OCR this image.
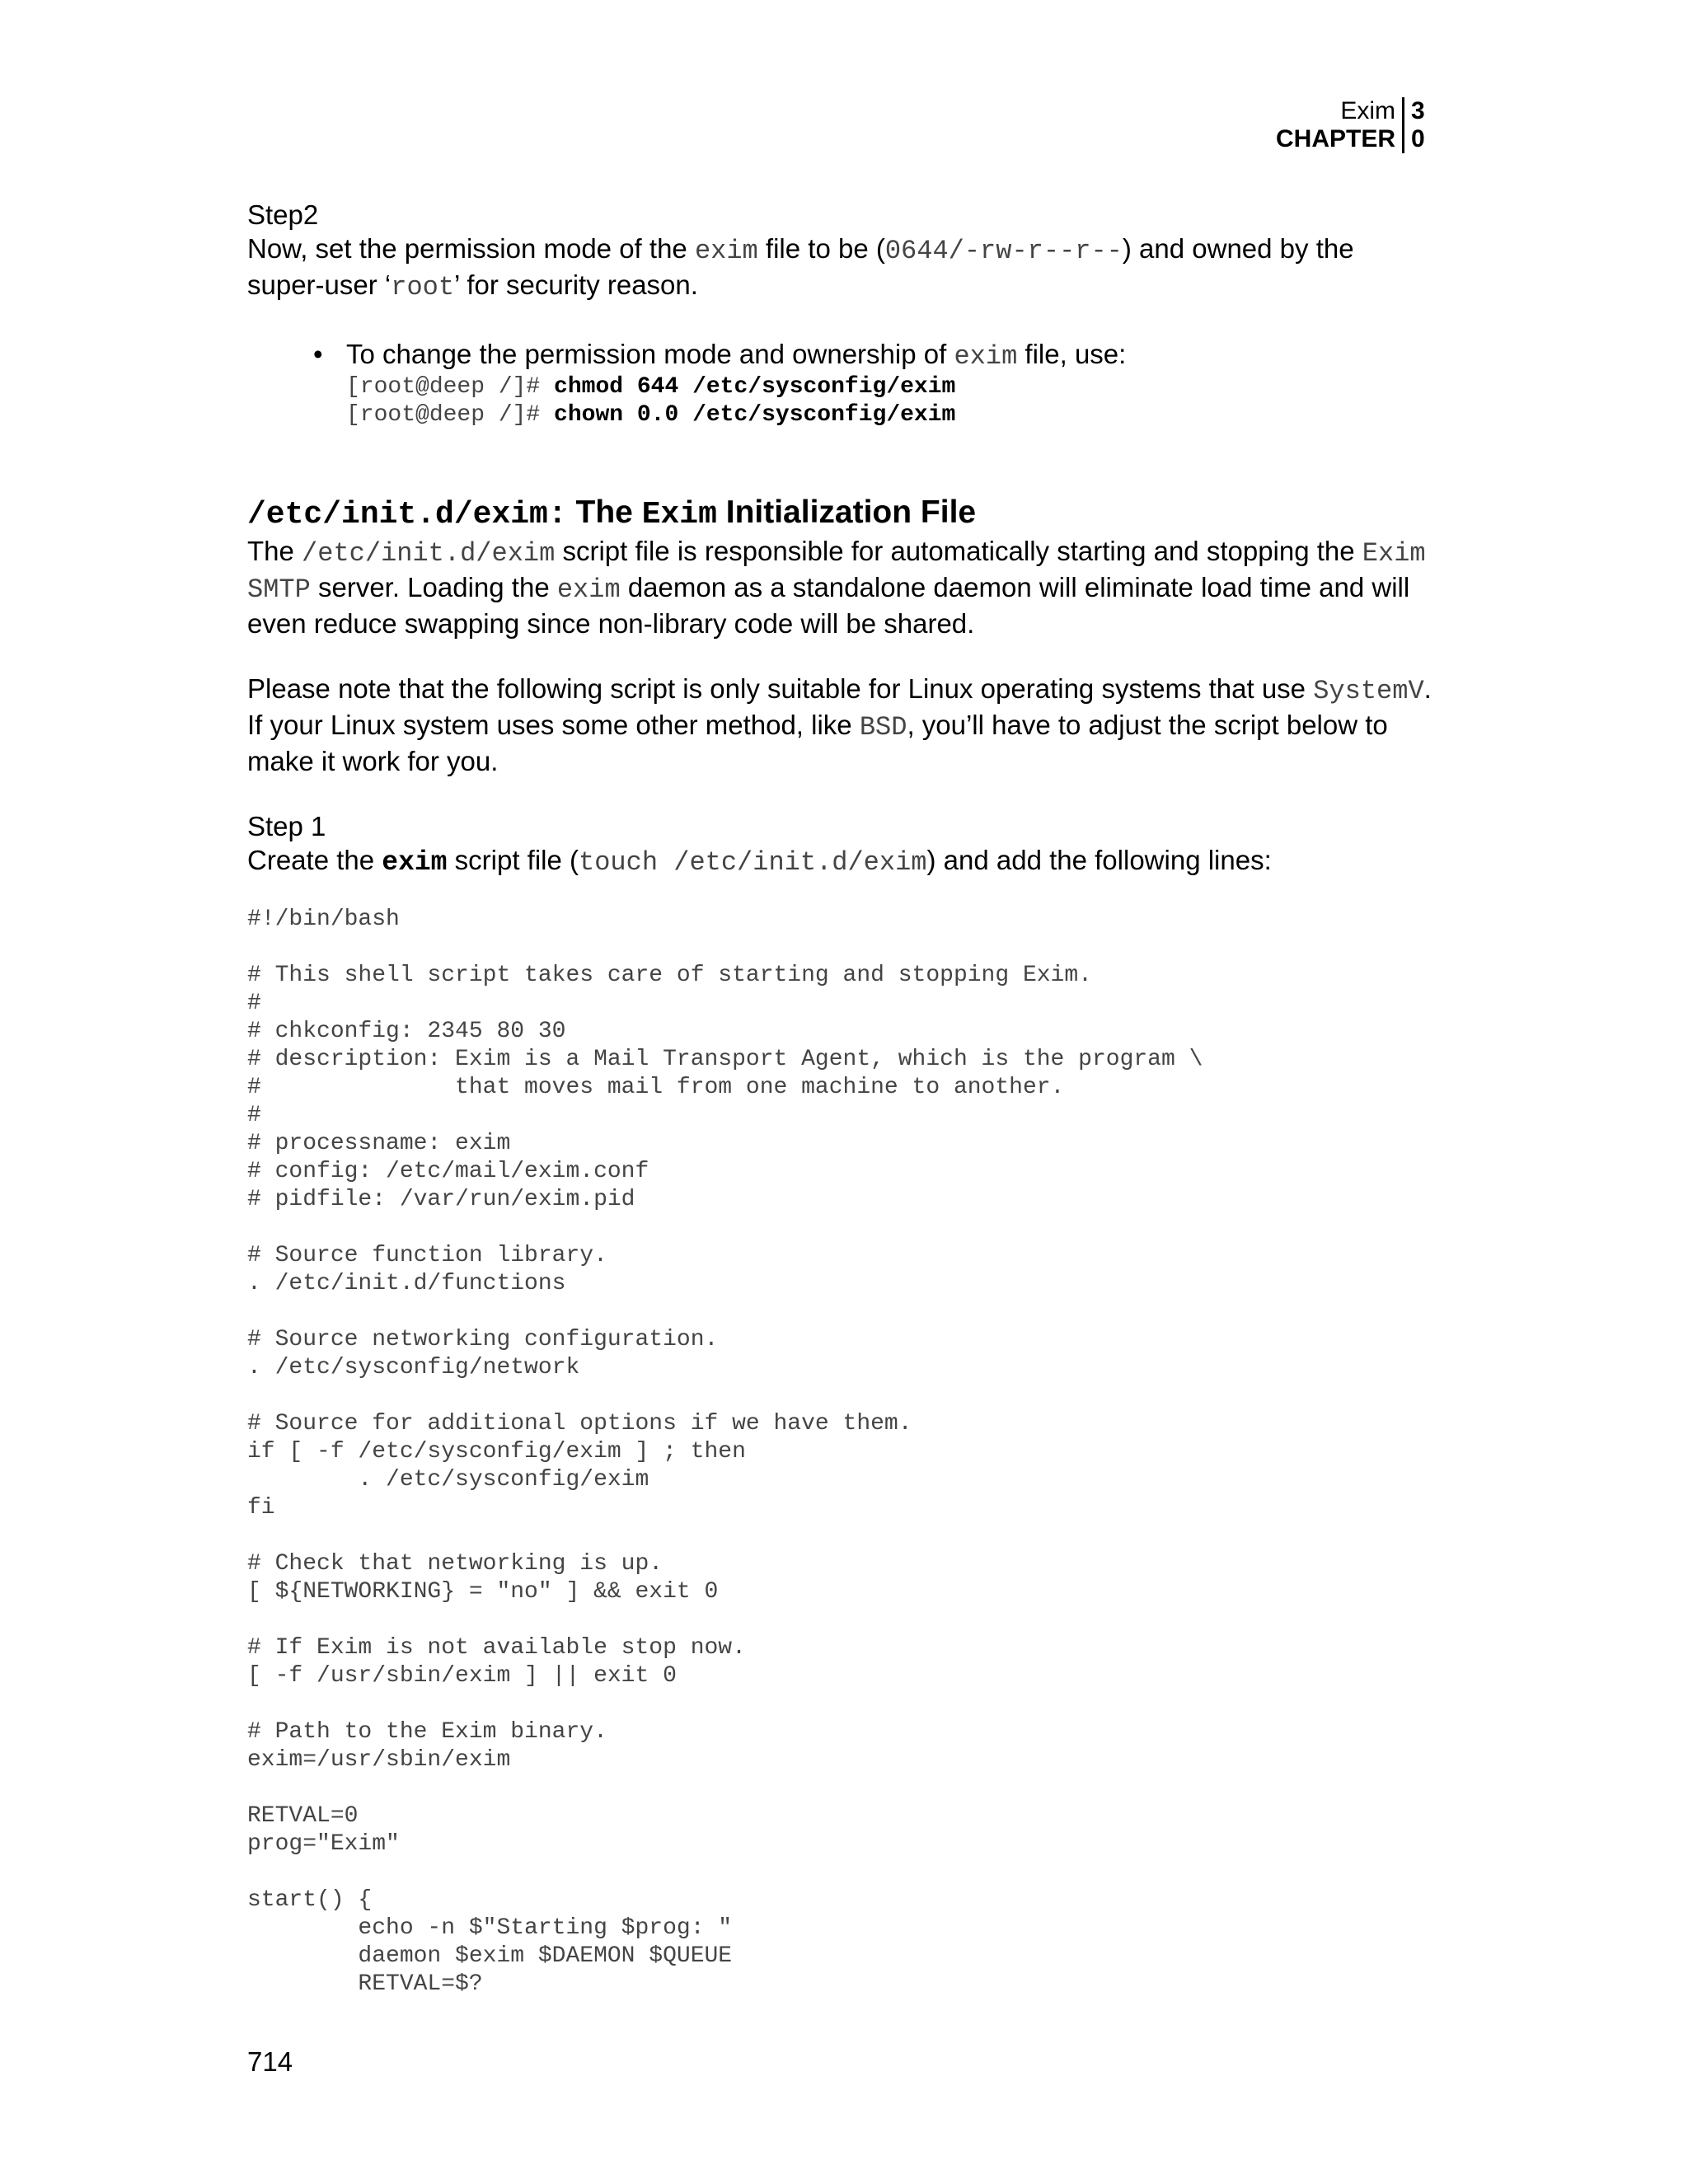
Exim
CHAPTER
3
0

Step2

Now, set the permission mode of the exim file to be (0644/-rw-r--r--) and owned by the super-user ‘root’ for security reason.

• To change the permission mode and ownership of exim file, use:

[root@deep /]# chmod 644 /etc/sysconfig/exim
[root@deep /]# chown 0.0 /etc/sysconfig/exim
/etc/init.d/exim: The Exim Initialization File

The /etc/init.d/exim script file is responsible for automatically starting and stopping the Exim SMTP server. Loading the exim daemon as a standalone daemon will eliminate load time and will even reduce swapping since non-library code will be shared.

Please note that the following script is only suitable for Linux operating systems that use SystemV. If your Linux system uses some other method, like BSD, you’ll have to adjust the script below to make it work for you.

Step 1

Create the exim script file (touch /etc/init.d/exim) and add the following lines:

#!/bin/bash

# This shell script takes care of starting and stopping Exim.
#
# chkconfig: 2345 80 30
# description: Exim is a Mail Transport Agent, which is the program \
#              that moves mail from one machine to another.
#
# processname: exim
# config: /etc/mail/exim.conf
# pidfile: /var/run/exim.pid

# Source function library.
. /etc/init.d/functions

# Source networking configuration.
. /etc/sysconfig/network

# Source for additional options if we have them.
if [ -f /etc/sysconfig/exim ] ; then
. /etc/sysconfig/exim
fi

# Check that networking is up.
[ ${NETWORKING} = "no" ] && exit 0

# If Exim is not available stop now.
[ -f /usr/sbin/exim ] || exit 0

# Path to the Exim binary.
exim=/usr/sbin/exim

RETVAL=0
prog="Exim"

start() {
echo -n $"Starting $prog: "
daemon $exim $DAEMON $QUEUE
RETVAL=$?
714
